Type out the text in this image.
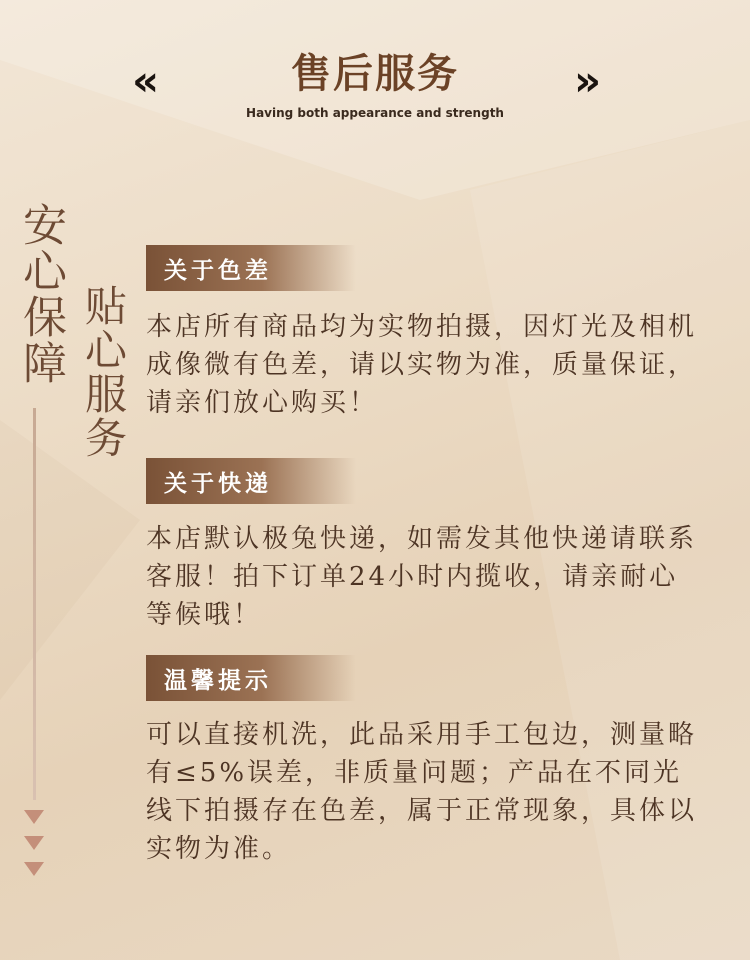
«	售后服务	»
Having both appearance and strength
安心保障 贴心服务
关于色差
本店所有商品均为实物拍摄，因灯光及相机成像微有色差，请以实物为准，质量保证，请亲们放心购买！
关于快递
本店默认极兔快递，如需发其他快递请联系客服！拍下订单24小时内揽收，请亲耐心等候哦！
温馨提示
可以直接机洗，此品采用手工包边，测量略有≤5%误差，非质量问题；产品在不同光线下拍摄存在色差，属于正常现象，具体以实物为准。
